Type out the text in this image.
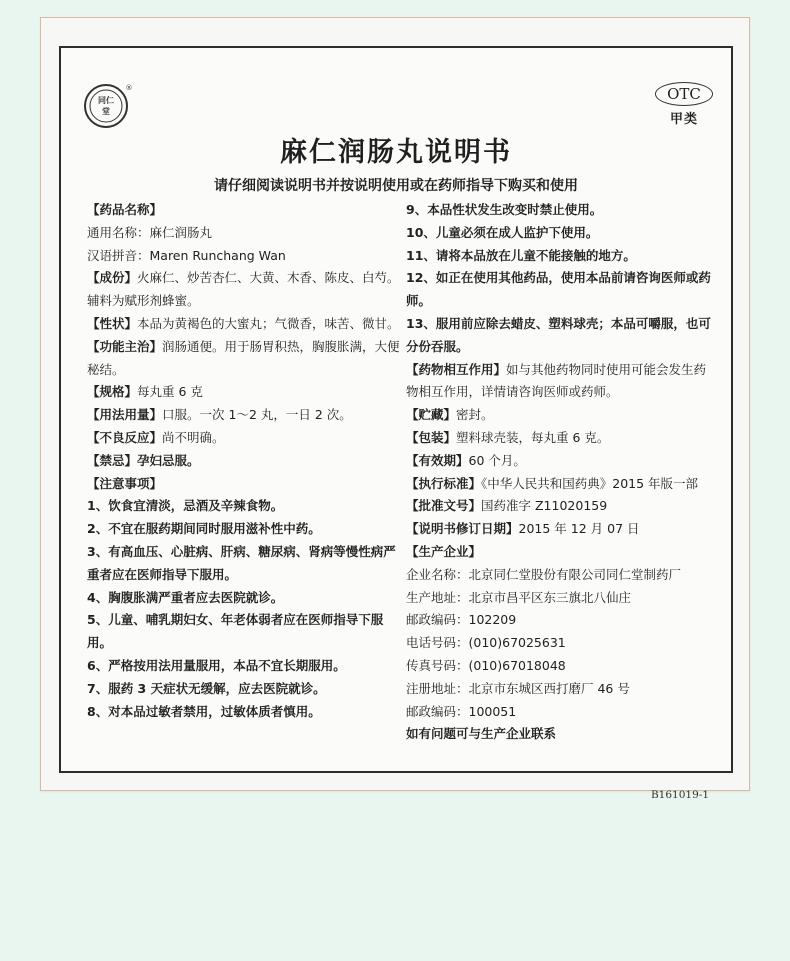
同仁
堂
®	OTC
甲类
麻仁润肠丸说明书
请仔细阅读说明书并按说明使用或在药师指导下购买和使用

【药品名称】

通用名称：麻仁润肠丸

汉语拼音：Maren Runchang Wan

【成份】火麻仁、炒苦杏仁、大黄、木香、陈皮、白芍。辅料为赋形剂蜂蜜。

【性状】本品为黄褐色的大蜜丸；气微香，味苦、微甘。

【功能主治】润肠通便。用于肠胃积热，胸腹胀满，大便秘结。

【规格】每丸重 6 克

【用法用量】口服。一次 1～2 丸，一日 2 次。

【不良反应】尚不明确。

【禁忌】孕妇忌服。

【注意事项】

1、饮食宜清淡，忌酒及辛辣食物。

2、不宜在服药期间同时服用滋补性中药。

3、有高血压、心脏病、肝病、糖尿病、肾病等慢性病严重者应在医师指导下服用。

4、胸腹胀满严重者应去医院就诊。

5、儿童、哺乳期妇女、年老体弱者应在医师指导下服用。

6、严格按用法用量服用，本品不宜长期服用。

7、服药 3 天症状无缓解，应去医院就诊。

8、对本品过敏者禁用，过敏体质者慎用。

9、本品性状发生改变时禁止使用。

10、儿童必须在成人监护下使用。

11、请将本品放在儿童不能接触的地方。

12、如正在使用其他药品，使用本品前请咨询医师或药师。

13、服用前应除去蜡皮、塑料球壳；本品可嚼服，也可分份吞服。

【药物相互作用】如与其他药物同时使用可能会发生药物相互作用，详情请咨询医师或药师。

【贮藏】密封。

【包装】塑料球壳装，每丸重 6 克。

【有效期】60 个月。

【执行标准】《中华人民共和国药典》2015 年版一部

【批准文号】国药准字 Z11020159

【说明书修订日期】2015 年 12 月 07 日

【生产企业】

企业名称：北京同仁堂股份有限公司同仁堂制药厂

生产地址：北京市昌平区东三旗北八仙庄

邮政编码：102209

电话号码：(010)67025631

传真号码：(010)67018048

注册地址：北京市东城区西打磨厂 46 号

邮政编码：100051

如有问题可与生产企业联系

B161019-1
